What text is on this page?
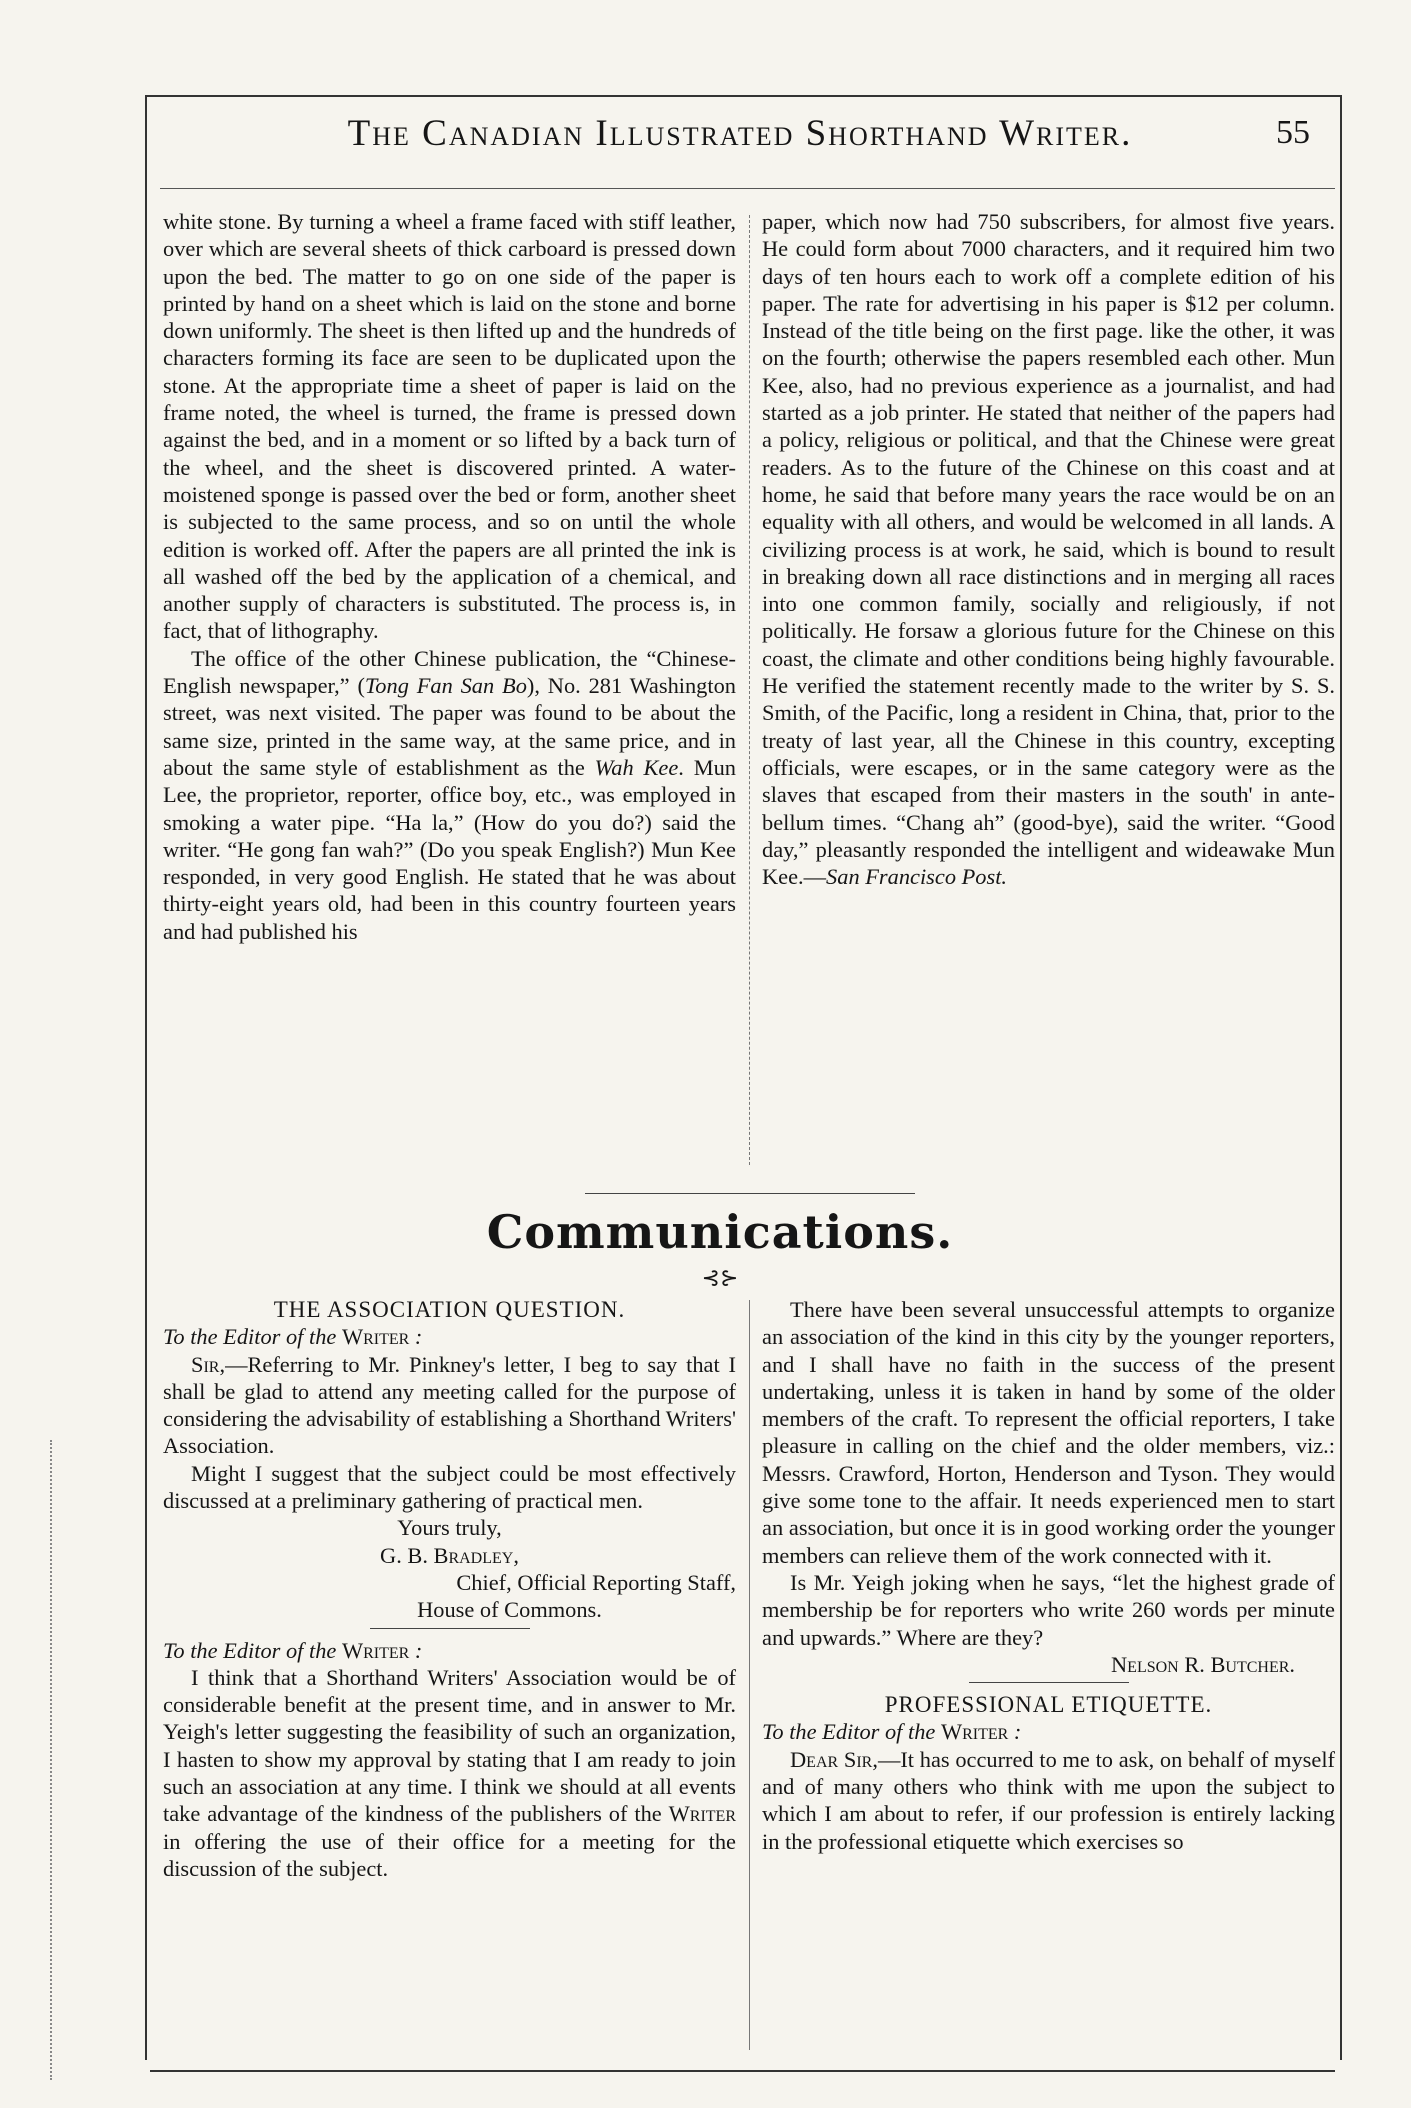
The Canadian Illustrated Shorthand Writer.	55

white stone. By turning a wheel a frame faced with stiff leather, over which are several sheets of thick carboard is pressed down upon the bed. The matter to go on one side of the paper is printed by hand on a sheet which is laid on the stone and borne down uniformly. The sheet is then lifted up and the hundreds of characters forming its face are seen to be duplicated upon the stone. At the appropriate time a sheet of paper is laid on the frame noted, the wheel is turned, the frame is pressed down against the bed, and in a moment or so lifted by a back turn of the wheel, and the sheet is discovered printed. A water-moistened sponge is passed over the bed or form, another sheet is subjected to the same process, and so on until the whole edition is worked off. After the papers are all printed the ink is all washed off the bed by the application of a chemical, and another supply of characters is substituted. The process is, in fact, that of lithography.

The office of the other Chinese publication, the “Chinese-English newspaper,” (Tong Fan San Bo), No. 281 Washington street, was next visited. The paper was found to be about the same size, printed in the same way, at the same price, and in about the same style of establishment as the Wah Kee. Mun Lee, the proprietor, reporter, office boy, etc., was employed in smoking a water pipe. “Ha la,” (How do you do?) said the writer. “He gong fan wah?” (Do you speak English?) Mun Kee responded, in very good English. He stated that he was about thirty-eight years old, had been in this country fourteen years and had published his

paper, which now had 750 subscribers, for almost five years. He could form about 7000 characters, and it required him two days of ten hours each to work off a complete edition of his paper. The rate for advertising in his paper is $12 per column. Instead of the title being on the first page. like the other, it was on the fourth; otherwise the papers resembled each other. Mun Kee, also, had no previous experience as a journalist, and had started as a job printer. He stated that neither of the papers had a policy, religious or political, and that the Chinese were great readers. As to the future of the Chinese on this coast and at home, he said that before many years the race would be on an equality with all others, and would be welcomed in all lands. A civilizing process is at work, he said, which is bound to result in breaking down all race distinctions and in merging all races into one common family, socially and religiously, if not politically. He forsaw a glorious future for the Chinese on this coast, the climate and other conditions being highly favourable. He verified the statement recently made to the writer by S. S. Smith, of the Pacific, long a resident in China, that, prior to the treaty of last year, all the Chinese in this country, excepting officials, were escapes, or in the same category were as the slaves that escaped from their masters in the south' in ante-bellum times. “Chang ah” (good-bye), said the writer. “Good day,” pleasantly responded the intelligent and wideawake Mun Kee.—San Francisco Post.

Communications.
⊰⊱

THE ASSOCIATION QUESTION.

To the Editor of the Writer :

Sir,—Referring to Mr. Pinkney's letter, I beg to say that I shall be glad to attend any meeting called for the purpose of considering the advisability of establishing a Shorthand Writers' Association.

Might I suggest that the subject could be most effectively discussed at a preliminary gathering of practical men.

Yours truly,

G. B. Bradley,

Chief, Official Reporting Staff,

House of Commons.

To the Editor of the Writer :

I think that a Shorthand Writers' Association would be of considerable benefit at the present time, and in answer to Mr. Yeigh's letter suggesting the feasibility of such an organization, I hasten to show my approval by stating that I am ready to join such an association at any time. I think we should at all events take advantage of the kindness of the publishers of the Writer in offering the use of their office for a meeting for the discussion of the subject.

There have been several unsuccessful attempts to organize an association of the kind in this city by the younger reporters, and I shall have no faith in the success of the present undertaking, unless it is taken in hand by some of the older members of the craft. To represent the official reporters, I take pleasure in calling on the chief and the older members, viz.: Messrs. Crawford, Horton, Henderson and Tyson. They would give some tone to the affair. It needs experienced men to start an association, but once it is in good working order the younger members can relieve them of the work connected with it.

Is Mr. Yeigh joking when he says, “let the highest grade of membership be for reporters who write 260 words per minute and upwards.” Where are they?

Nelson R. Butcher.

PROFESSIONAL ETIQUETTE.

To the Editor of the Writer :

Dear Sir,—It has occurred to me to ask, on behalf of myself and of many others who think with me upon the subject to which I am about to refer, if our profession is entirely lacking in the professional etiquette which exercises so
